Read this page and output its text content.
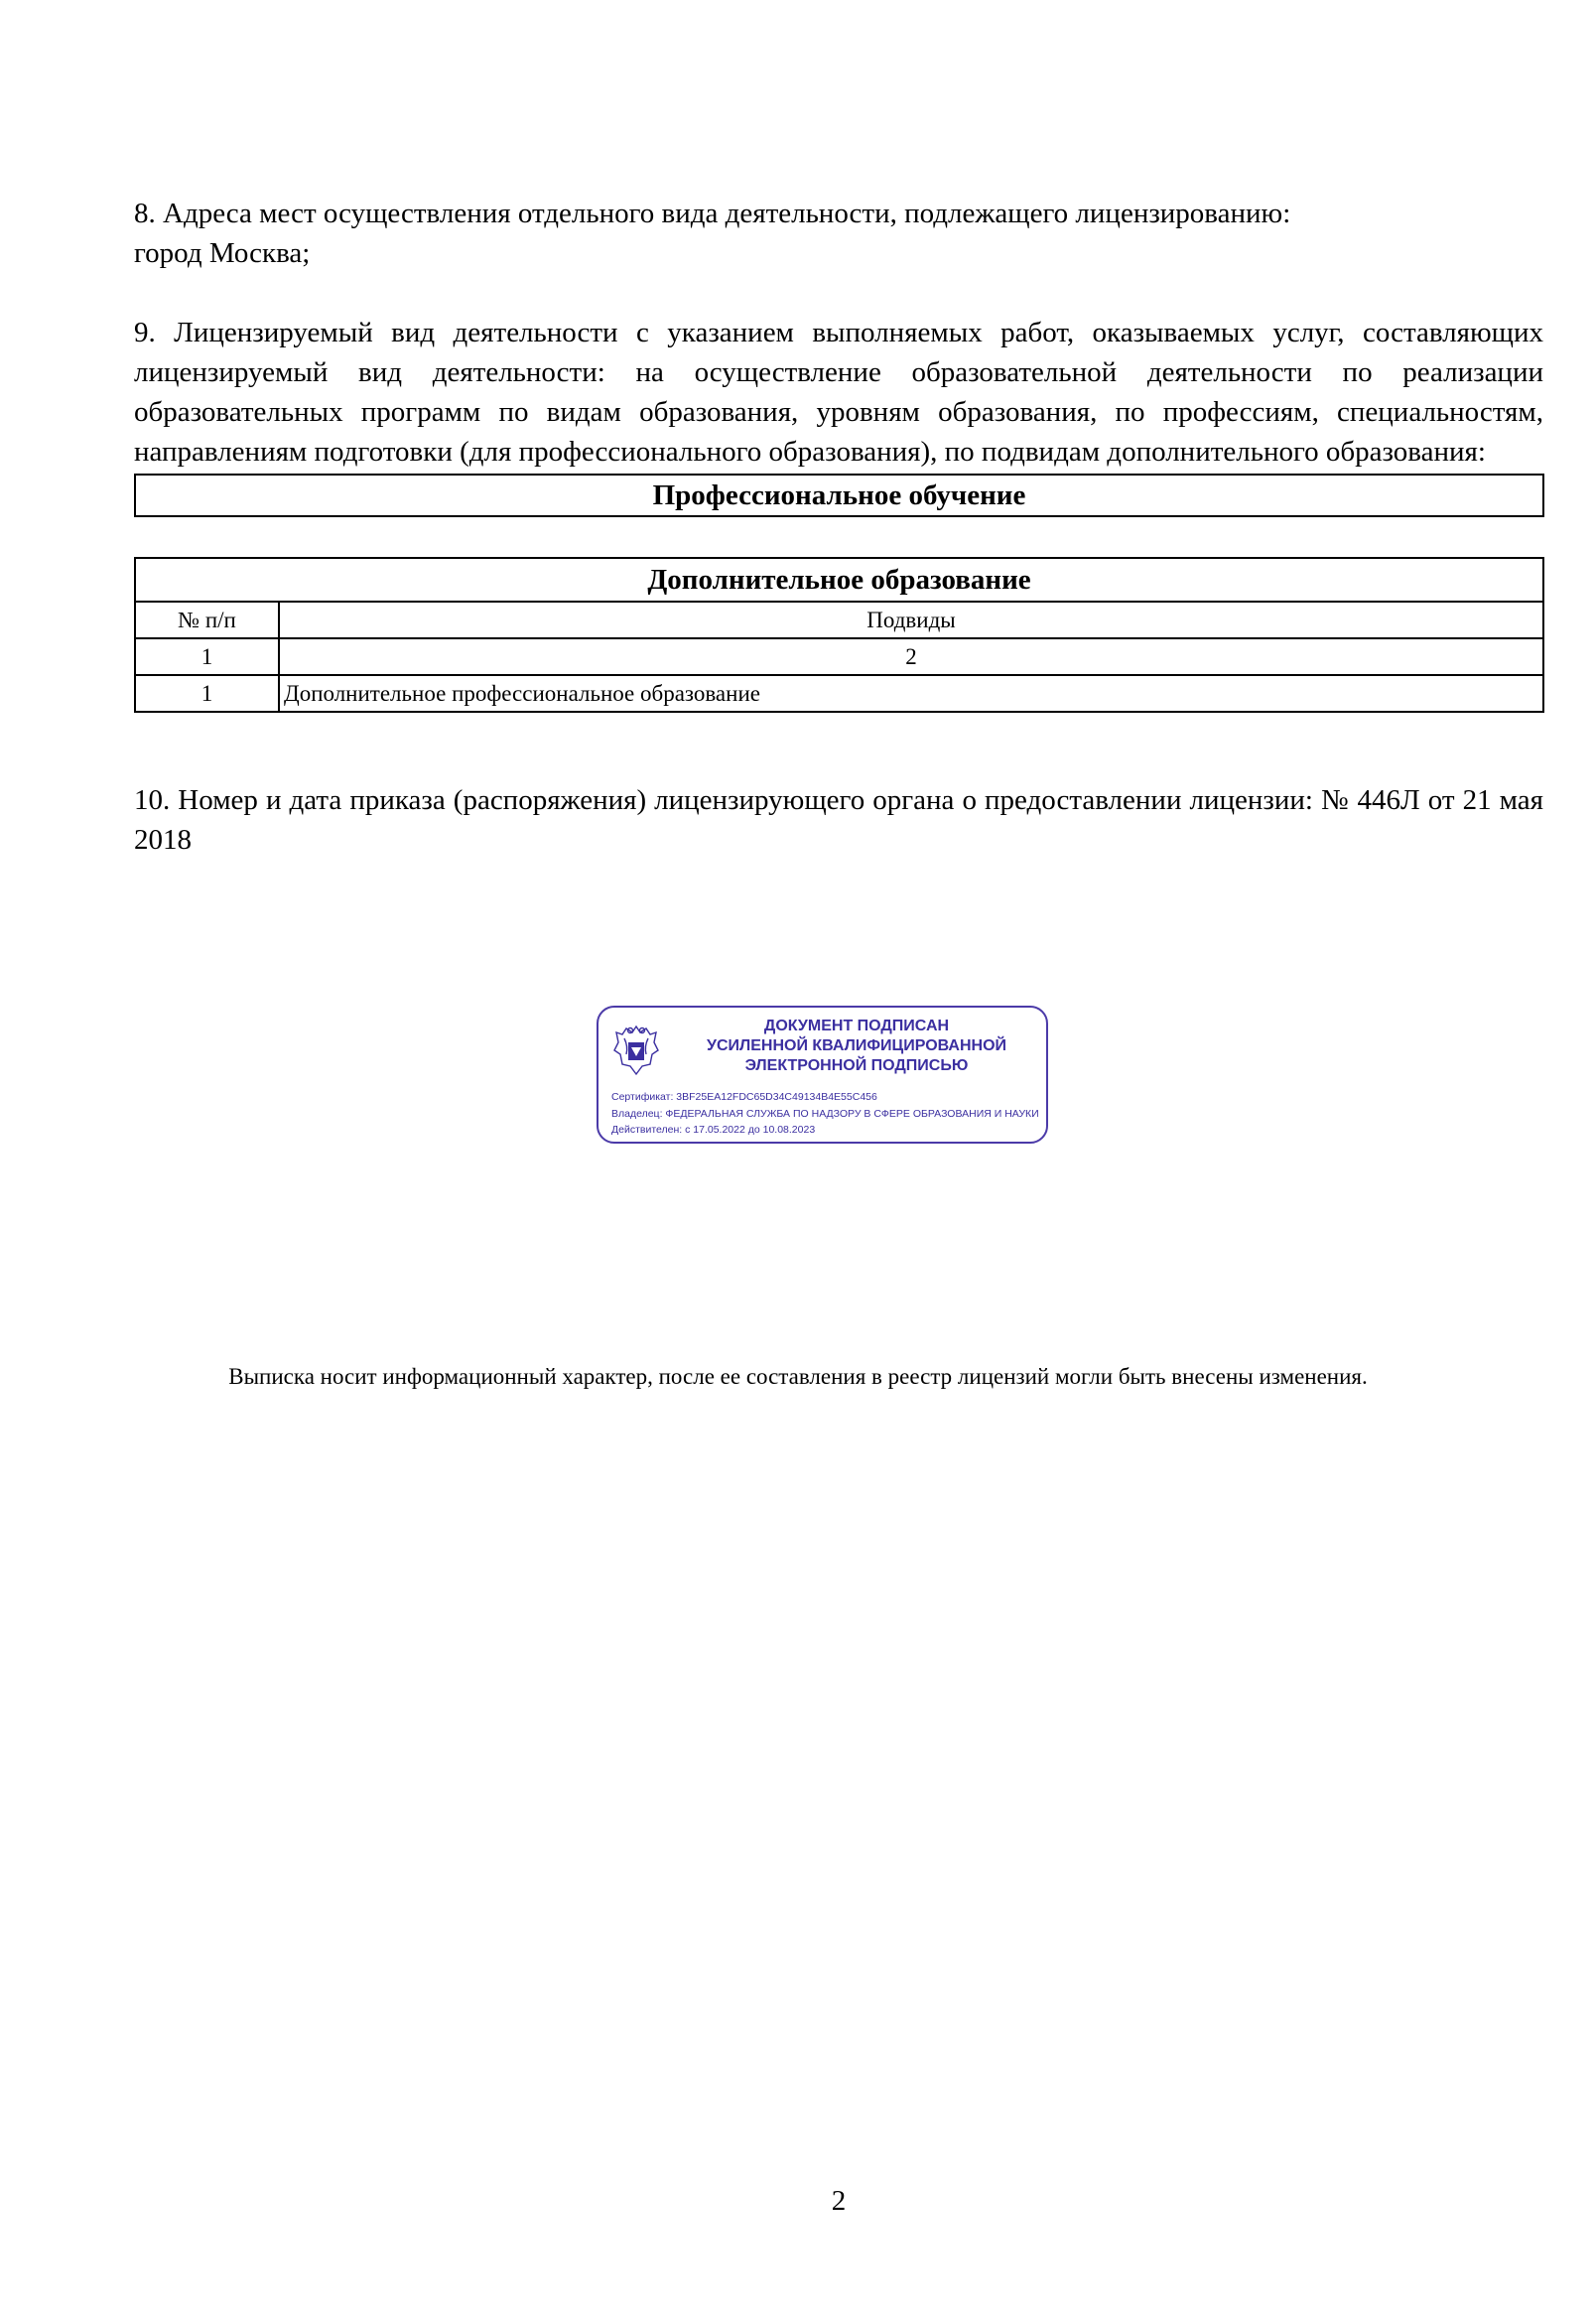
8. Адреса мест осуществления отдельного вида деятельности, подлежащего лицензированию:

город Москва;

9. Лицензируемый вид деятельности с указанием выполняемых работ, оказываемых услуг, составляющих лицензируемый вид деятельности: на осуществление образовательной деятельности по реализации образовательных программ по видам образования, уровням образования, по профессиям, специальностям, направлениям подготовки (для профессионального образования), по подвидам дополнительного образования:

Профессиональное обучение
Дополнительное образование	
№ п/п	Подвиды
1	2
1	Дополнительное профессиональное образование

10. Номер и дата приказа (распоряжения) лицензирующего органа о предоставлении лицензии: № 446Л от 21 мая 2018

ДОКУМЕНТ ПОДПИСАН
УСИЛЕННОЙ КВАЛИФИЦИРОВАННОЙ
ЭЛЕКТРОННОЙ ПОДПИСЬЮ
Сертификат: 3BF25EA12FDC65D34C49134B4E55C456
Владелец: ФЕДЕРАЛЬНАЯ СЛУЖБА ПО НАДЗОРУ В СФЕРЕ ОБРАЗОВАНИЯ И НАУКИ
Действителен: с 17.05.2022 до 10.08.2023
Выписка носит информационный характер, после ее составления в реестр лицензий могли быть внесены изменения.
2
